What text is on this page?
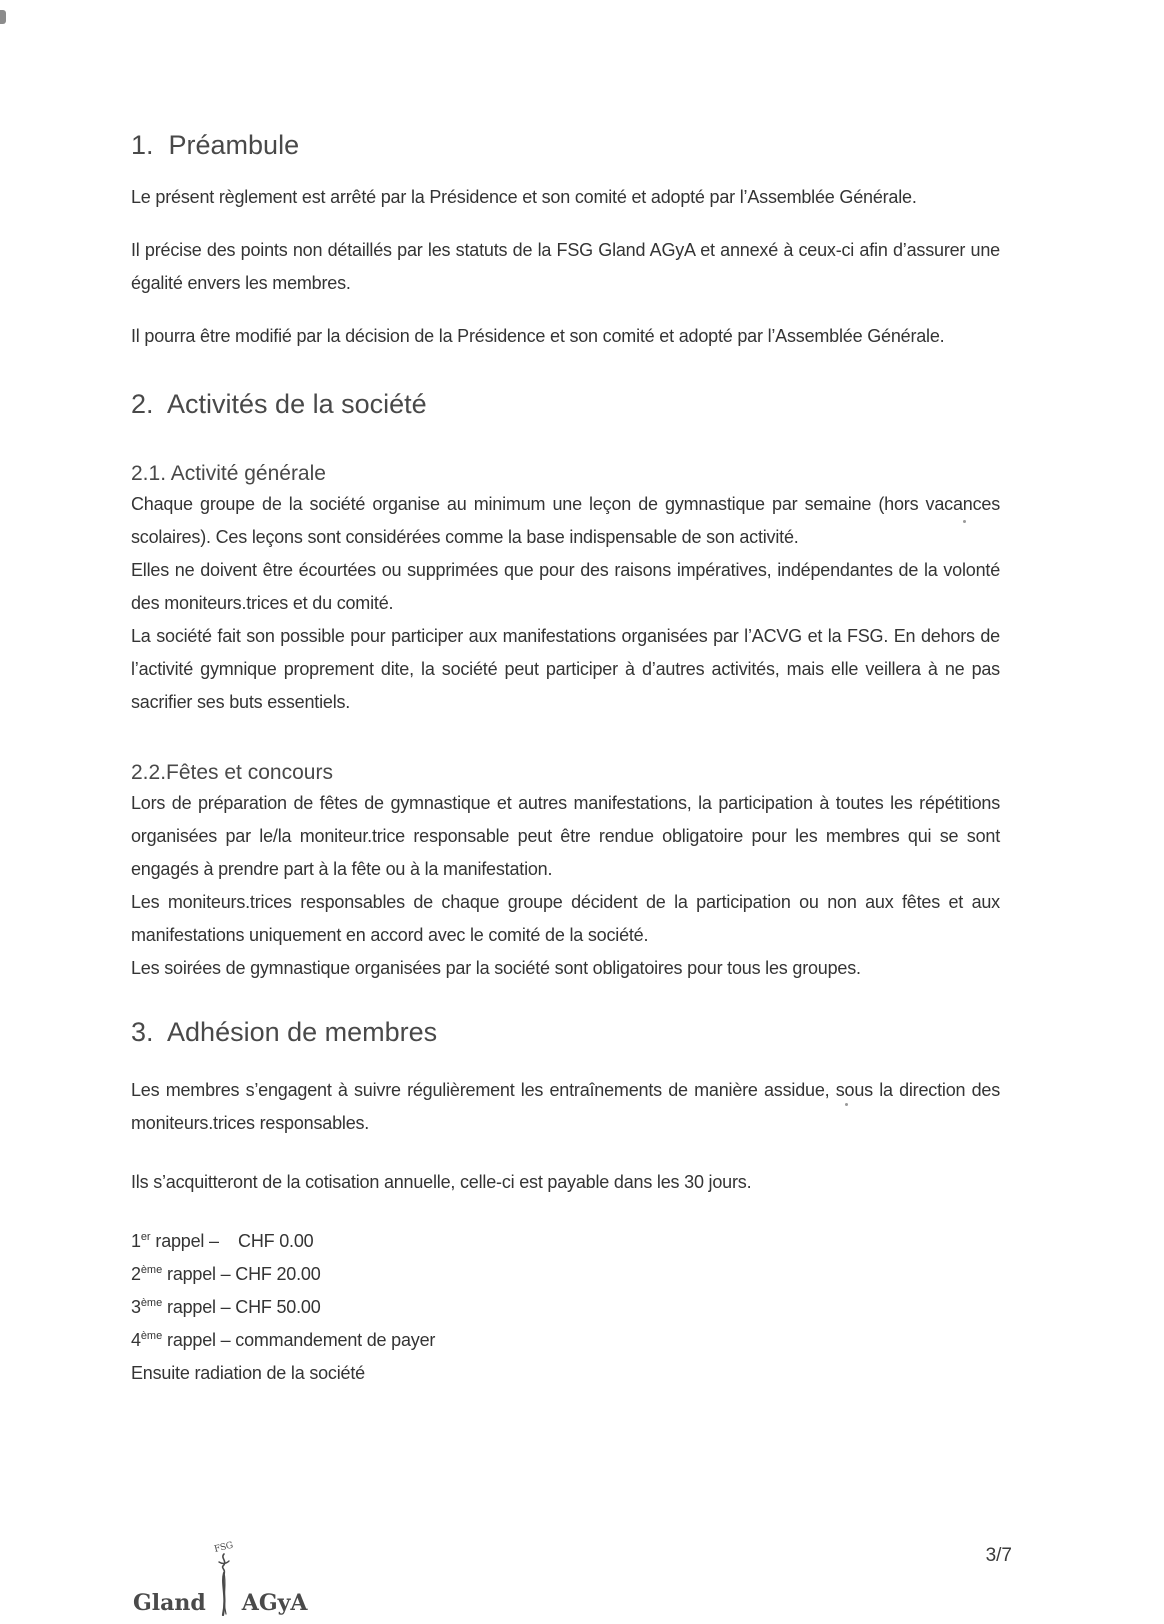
1.  Préambule

Le présent règlement est arrêté par la Présidence et son comité et adopté par l’Assemblée Générale.

Il précise des points non détaillés par les statuts de la FSG Gland AGyA et annexé à ceux-ci afin d’assurer une égalité envers les membres.

Il pourra être modifié par la décision de la Présidence et son comité et adopté par l’Assemblée Générale.

2.  Activités de la société
2.1. Activité générale

Chaque groupe de la société organise au minimum une leçon de gymnastique par semaine (hors vacances scolaires). Ces leçons sont considérées comme la base indispensable de son activité.

Elles ne doivent être écourtées ou supprimées que pour des raisons impératives, indépendantes de la volonté des moniteurs.trices et du comité.

La société fait son possible pour participer aux manifestations organisées par l’ACVG et la FSG. En dehors de l’activité gymnique proprement dite, la société peut participer à d’autres activités, mais elle veillera à ne pas sacrifier ses buts essentiels.

2.2.Fêtes et concours

Lors de préparation de fêtes de gymnastique et autres manifestations, la participation à toutes les répétitions organisées par le/la moniteur.trice responsable peut être rendue obligatoire pour les membres qui se sont engagés à prendre part à la fête ou à la manifestation.

Les moniteurs.trices responsables de chaque groupe décident de la participation ou non aux fêtes et aux manifestations uniquement en accord avec le comité de la société.

Les soirées de gymnastique organisées par la société sont obligatoires pour tous les groupes.

3.  Adhésion de membres

Les membres s’engagent à suivre régulièrement les entraînements de manière assidue, sous la direction des moniteurs.trices responsables.

Ils s’acquitteront de la cotisation annuelle, celle-ci est payable dans les 30 jours.

1er rappel –    CHF 0.00
2ème rappel – CHF 20.00
3ème rappel – CHF 50.00
4ème rappel – commandement de payer
Ensuite radiation de la société
Gland
FSG
AGyA
3/7
